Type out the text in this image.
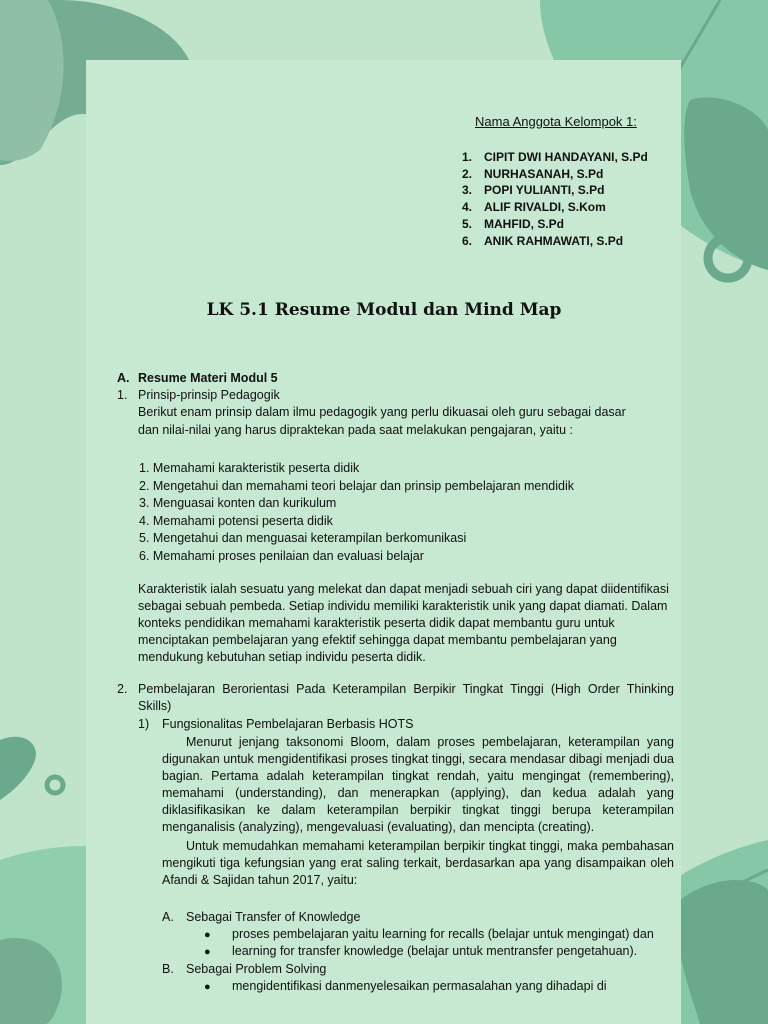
Nama Anggota Kelompok 1:
1. CIPIT DWI HANDAYANI, S.Pd
2. NURHASANAH, S.Pd
3. POPI YULIANTI, S.Pd
4. ALIF RIVALDI, S.Kom
5. MAHFID, S.Pd
6. ANIK RAHMAWATI, S.Pd
LK 5.1 Resume Modul dan Mind Map
A. Resume Materi Modul 5
1. Prinsip-prinsip Pedagogik
Berikut enam prinsip dalam ilmu pedagogik yang perlu dikuasai oleh guru sebagai dasar
dan nilai-nilai yang harus dipraktekan pada saat melakukan pengajaran, yaitu :
1. Memahami karakteristik peserta didik
2. Mengetahui dan memahami teori belajar dan prinsip pembelajaran mendidik
3. Menguasai konten dan kurikulum
4. Memahami potensi peserta didik
5. Mengetahui dan menguasai keterampilan berkomunikasi
6. Memahami proses penilaian dan evaluasi belajar
Karakteristik ialah sesuatu yang melekat dan dapat menjadi sebuah ciri yang dapat diidentifikasi sebagai sebuah pembeda. Setiap individu memiliki karakteristik unik yang dapat diamati. Dalam konteks pendidikan memahami karakteristik peserta didik dapat membantu guru untuk menciptakan pembelajaran yang efektif sehingga dapat membantu pembelajaran yang mendukung kebutuhan setiap individu peserta didik.
2. Pembelajaran Berorientasi Pada Keterampilan Berpikir Tingkat Tinggi (High Order Thinking Skills)
1) Fungsionalitas Pembelajaran Berbasis HOTS
Menurut jenjang taksonomi Bloom, dalam proses pembelajaran, keterampilan yang digunakan untuk mengidentifikasi proses tingkat tinggi, secara mendasar dibagi menjadi dua bagian. Pertama adalah keterampilan tingkat rendah, yaitu mengingat (remembering), memahami (understanding), dan menerapkan (applying), dan kedua adalah yang diklasifikasikan ke dalam keterampilan berpikir tingkat tinggi berupa keterampilan menganalisis (analyzing), mengevaluasi (evaluating), dan mencipta (creating).
Untuk memudahkan memahami keterampilan berpikir tingkat tinggi, maka pembahasan mengikuti tiga kefungsian yang erat saling terkait, berdasarkan apa yang disampaikan oleh Afandi & Sajidan tahun 2017, yaitu:
A. Sebagai Transfer of Knowledge
● proses pembelajaran yaitu learning for recalls (belajar untuk mengingat) dan
● learning for transfer knowledge (belajar untuk mentransfer pengetahuan).
B. Sebagai Problem Solving
● mengidentifikasi danmenyelesaikan permasalahan yang dihadapi di
